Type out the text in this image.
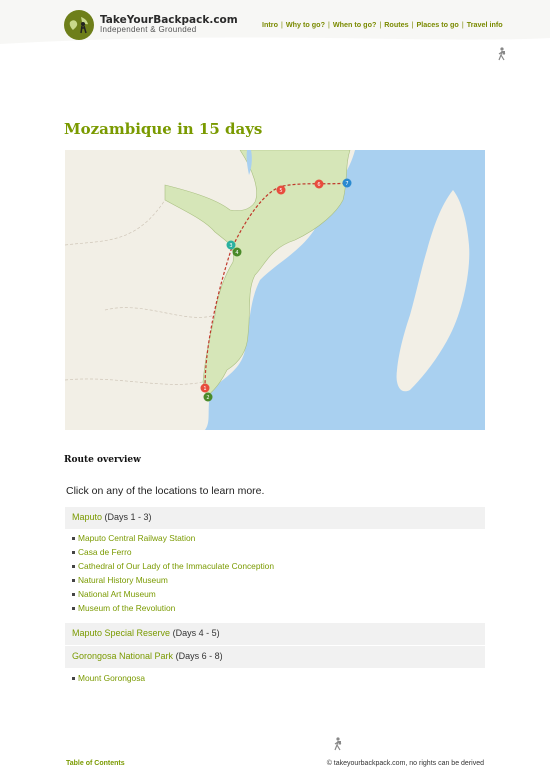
TakeYourBackpack.com
Independent & Grounded
Intro | Why to go? | When to go? | Routes | Places to go | Travel info
Mozambique in 15 days
1
2
3
4
5
6	7
Route overview

Click on any of the locations to learn more.

Maputo (Days 1 - 3)
Maputo Central Railway Station
Casa de Ferro
Cathedral of Our Lady of the Immaculate Conception
Natural History Museum
National Art Museum
Museum of the Revolution
Maputo Special Reserve (Days 4 - 5)
Gorongosa National Park (Days 6 - 8)
Mount Gorongosa
Table of Contents	© takeyourbackpack.com, no rights can be derived
